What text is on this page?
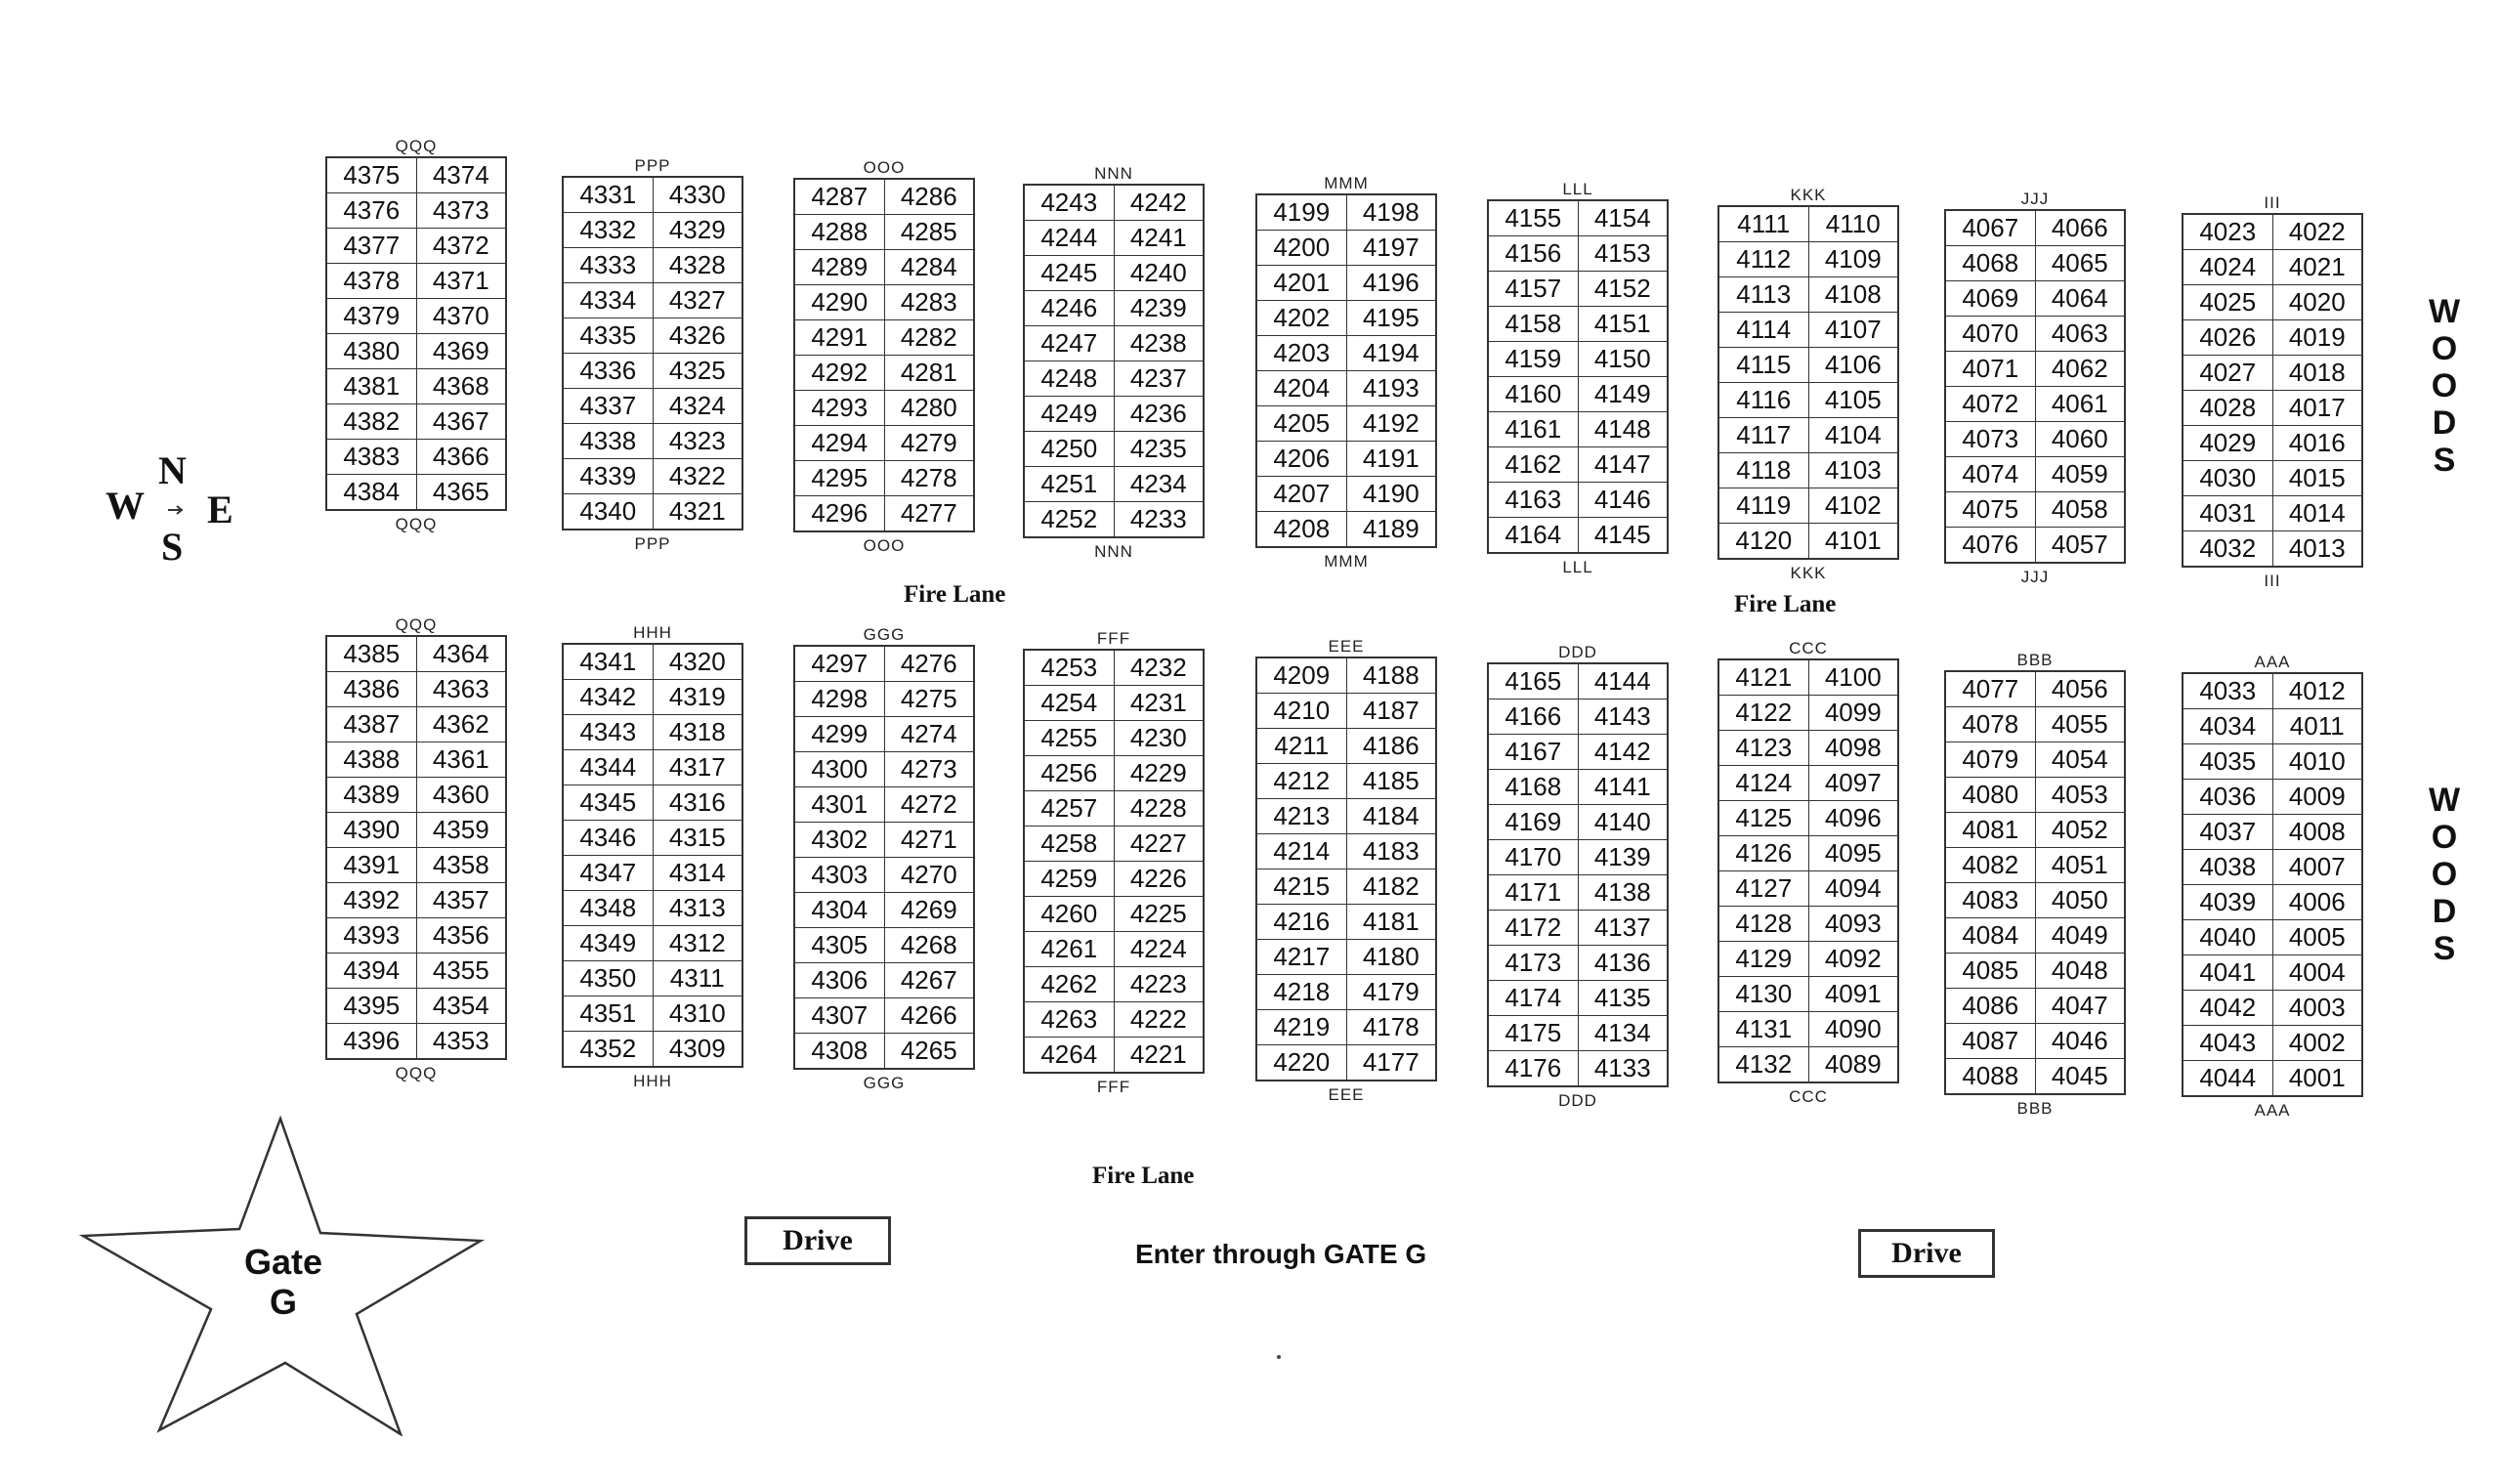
N
W E
S
QQQ
4375	4374
4376	4373
4377	4372
4378	4371
4379	4370
4380	4369
4381	4368
4382	4367
4383	4366
4384	4365
QQQ
PPP
4331	4330
4332	4329
4333	4328
4334	4327
4335	4326
4336	4325
4337	4324
4338	4323
4339	4322
4340	4321
PPP
OOO
4287	4286
4288	4285
4289	4284
4290	4283
4291	4282
4292	4281
4293	4280
4294	4279
4295	4278
4296	4277
OOO
NNN
4243	4242
4244	4241
4245	4240
4246	4239
4247	4238
4248	4237
4249	4236
4250	4235
4251	4234
4252	4233
NNN
MMM
4199	4198
4200	4197
4201	4196
4202	4195
4203	4194
4204	4193
4205	4192
4206	4191
4207	4190
4208	4189
MMM
LLL
4155	4154
4156	4153
4157	4152
4158	4151
4159	4150
4160	4149
4161	4148
4162	4147
4163	4146
4164	4145
LLL
KKK
4111	4110
4112	4109
4113	4108
4114	4107
4115	4106
4116	4105
4117	4104
4118	4103
4119	4102
4120	4101
KKK
JJJ
4067	4066
4068	4065
4069	4064
4070	4063
4071	4062
4072	4061
4073	4060
4074	4059
4075	4058
4076	4057
JJJ
III
4023	4022
4024	4021
4025	4020
4026	4019
4027	4018
4028	4017
4029	4016
4030	4015
4031	4014
4032	4013
III
QQQ
4385	4364
4386	4363
4387	4362
4388	4361
4389	4360
4390	4359
4391	4358
4392	4357
4393	4356
4394	4355
4395	4354
4396	4353
QQQ
HHH
4341	4320
4342	4319
4343	4318
4344	4317
4345	4316
4346	4315
4347	4314
4348	4313
4349	4312
4350	4311
4351	4310
4352	4309
HHH
GGG
4297	4276
4298	4275
4299	4274
4300	4273
4301	4272
4302	4271
4303	4270
4304	4269
4305	4268
4306	4267
4307	4266
4308	4265
GGG
FFF
4253	4232
4254	4231
4255	4230
4256	4229
4257	4228
4258	4227
4259	4226
4260	4225
4261	4224
4262	4223
4263	4222
4264	4221
FFF
EEE
4209	4188
4210	4187
4211	4186
4212	4185
4213	4184
4214	4183
4215	4182
4216	4181
4217	4180
4218	4179
4219	4178
4220	4177
EEE
DDD
4165	4144
4166	4143
4167	4142
4168	4141
4169	4140
4170	4139
4171	4138
4172	4137
4173	4136
4174	4135
4175	4134
4176	4133
DDD
CCC
4121	4100
4122	4099
4123	4098
4124	4097
4125	4096
4126	4095
4127	4094
4128	4093
4129	4092
4130	4091
4131	4090
4132	4089
CCC
BBB
4077	4056
4078	4055
4079	4054
4080	4053
4081	4052
4082	4051
4083	4050
4084	4049
4085	4048
4086	4047
4087	4046
4088	4045
BBB
AAA
4033	4012
4034	4011
4035	4010
4036	4009
4037	4008
4038	4007
4039	4006
4040	4005
4041	4004
4042	4003
4043	4002
4044	4001
AAA
Fire Lane	Fire Lane
Fire Lane
W
O
O
D
S
W
O
O
D
S
Drive	Drive
Enter through GATE G
Gate
G
